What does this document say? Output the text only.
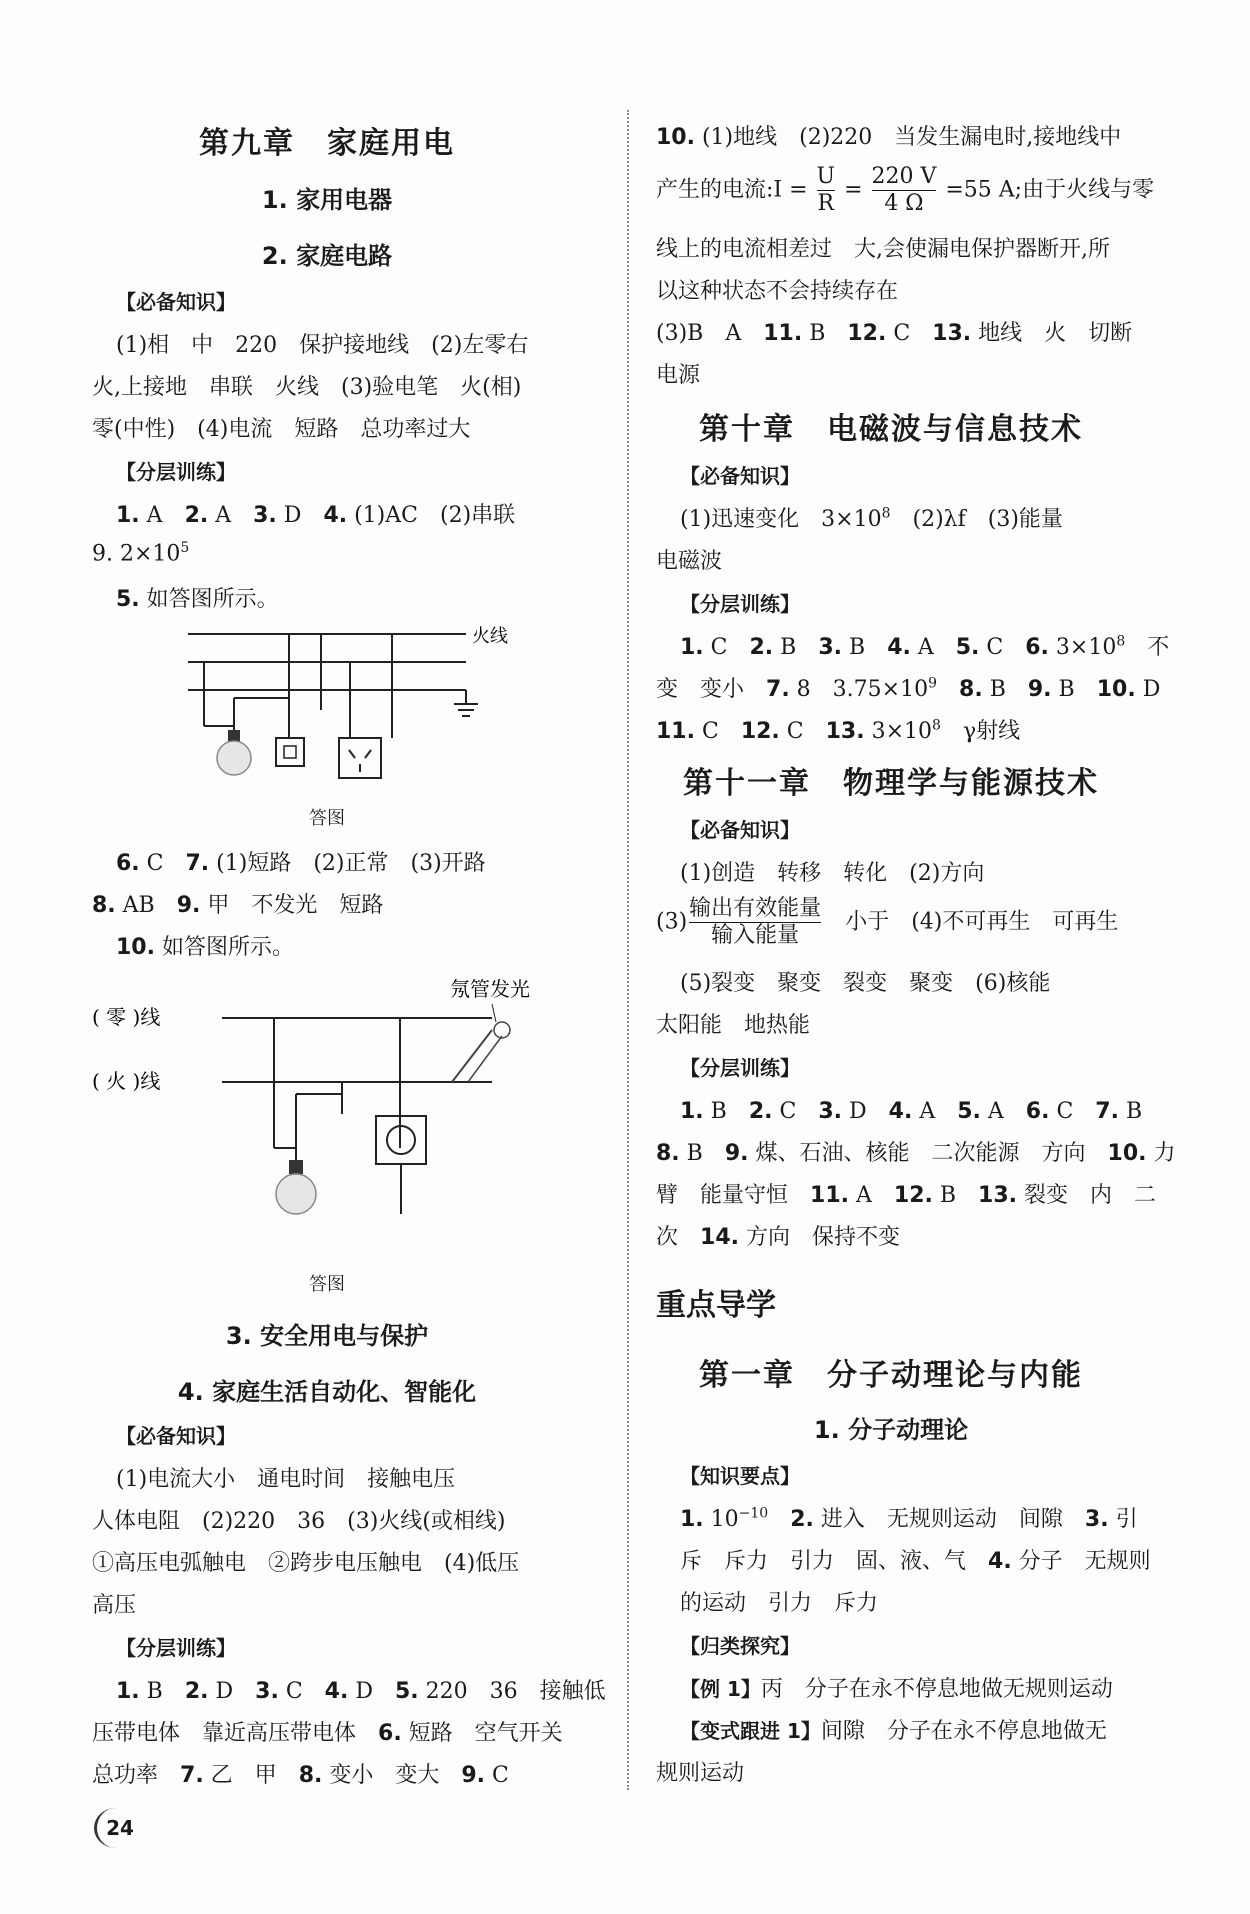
第九章　家庭用电
1. 家用电器
2. 家庭电路
【必备知识】
(1)相　中　220　保护接地线　(2)左零右
火,上接地　串联　火线　(3)验电笔　火(相)
零(中性)　(4)电流　短路　总功率过大
【分层训练】
1. A　2. A　3. D　4. (1)AC　(2)串联
9. $2\times 10^5$
5. 如答图所示。
火线
答图
6. C　7. (1)短路　(2)正常　(3)开路
8. AB　9. 甲　不发光　短路
10. 如答图所示。
氖管发光
( 零 )线
( 火 )线
答图
3. 安全用电与保护
4. 家庭生活自动化、智能化
【必备知识】
(1)电流大小　通电时间　接触电压
人体电阻　(2)220　36　(3)火线(或相线)
①高压电弧触电　②跨步电压触电　(4)低压
高压
【分层训练】
1. B　2. D　3. C　4. D　5. 220　36　接触低
压带电体　靠近高压带电体　6. 短路　空气开关
总功率　7. 乙　甲　8. 变小　变大　9. C
10. (1)地线　(2)220　当发生漏电时,接地线中
产生的电流:I = $\frac{U}{R} = \frac{220 V}{4 \Omega} =55$ A;由于火线与零
线上的电流相差过　大,会使漏电保护器断开,所
以这种状态不会持续存在
(3)B　A　11. B　12. C　13. 地线　火　切断
电源
第十章　电磁波与信息技术
【必备知识】
(1)迅速变化　$3\times 10^8$　(2)λf　(3)能量
电磁波
【分层训练】
1. C　2. B　3. B　4. A　5. C　6. $3\times 10^8$　不
变　变小　7. 8　$3.75\times 10^9$　 8. B　9. B　10. D
11. C　12. C　13. $3\times 10^8$　γ射线
第十一章　物理学与能源技术
【必备知识】
(1)创造　转移　转化　(2)方向
$(3) \frac{\text{输出有效能量}}{\text{输入能量}}$ 　小于　(4)不可再生　可再生
(5)裂变　聚变　裂变　聚变　(6)核能
太阳能　地热能
【分层训练】
1. B　2. C　3. D　4. A　5. A　6. C　7. B
8. B　9. 煤、石油、核能　二次能源　方向　10. 力
臂　能量守恒　11. A　12. B　13. 裂变　内　二
次　14. 方向　保持不变
重点导学
第一章　分子动理论与内能
1. 分子动理论
【知识要点】
1. $10^{-10}$　 2. 进入　无规则运动　间隙　3. 引
斥　斥力　引力　固、液、气　4. 分子　无规则
的运动　引力　斥力
【归类探究】
【例 1】丙　分子在永不停息地做无规则运动
【变式跟进 1】间隙　分子在永不停息地做无
规则运动
24
